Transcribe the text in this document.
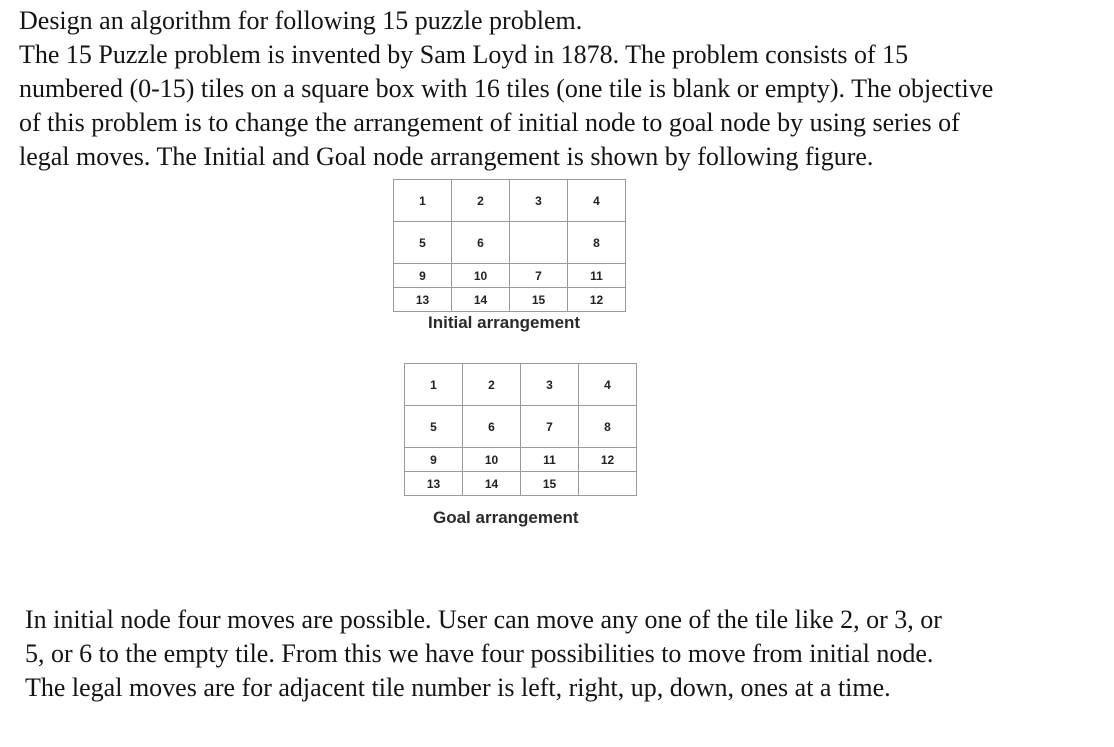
Design an algorithm for following 15 puzzle problem.
The 15 Puzzle problem is invented by Sam Loyd in 1878. The problem consists of 15
numbered (0-15) tiles on a square box with 16 tiles (one tile is blank or empty). The objective
of this problem is to change the arrangement of initial node to goal node by using series of
legal moves. The Initial and Goal node arrangement is shown by following figure.
1	2	3	4
5	6		8
9	10	7	11
13	14	15	12

Initial arrangement

1	2	3	4
5	6	7	8
9	10	11	12
13	14	15	

Goal arrangement

In initial node four moves are possible. User can move any one of the tile like 2, or 3, or
5, or 6 to the empty tile. From this we have four possibilities to move from initial node.
The legal moves are for adjacent tile number is left, right, up, down, ones at a time.
